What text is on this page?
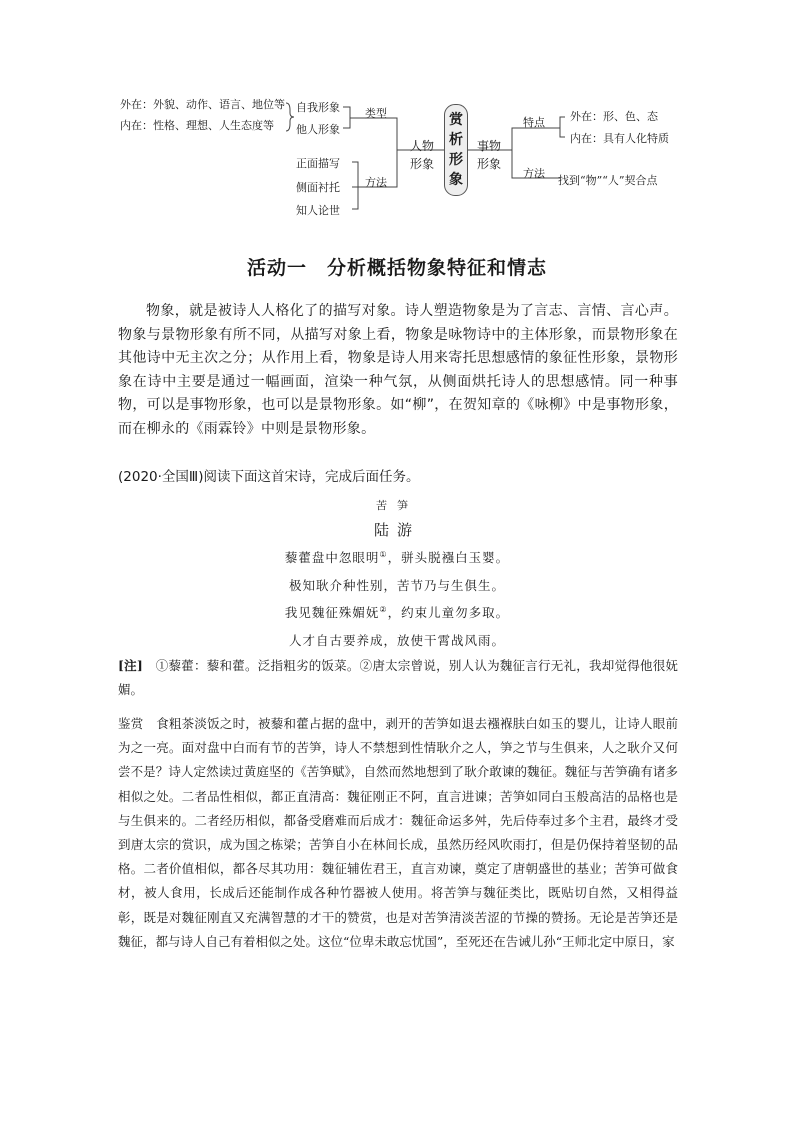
外在：外貌、动作、语言、地位等
内在：性格、理想、人生态度等
自我形象
他人形象
类型
正面描写
侧面衬托
知人论世
方法
人物
形象
赏
析
形
象
事物
形象
特点 外在：形、色、态
内在：具有人化特质
方法
找到“物”“人”契合点
活动一　分析概括物象特征和情志
物象，就是被诗人人格化了的描写对象。诗人塑造物象是为了言志、言情、言心声。物象与景物形象有所不同，从描写对象上看，物象是咏物诗中的主体形象，而景物形象在其他诗中无主次之分；从作用上看，物象是诗人用来寄托思想感情的象征性形象，景物形象在诗中主要是通过一幅画面，渲染一种气氛，从侧面烘托诗人的思想感情。同一种事物，可以是事物形象，也可以是景物形象。如“柳”，在贺知章的《咏柳》中是事物形象，而在柳永的《雨霖铃》中则是景物形象。
(2020·全国Ⅲ)阅读下面这首宋诗，完成后面任务。
苦笋
陆游
藜藿盘中忽眼明①，骈头脱襁白玉婴。
极知耿介种性别，苦节乃与生俱生。
我见魏征殊媚妩②，约束儿童勿多取。
人才自古要养成，放使干霄战风雨。
[注]　 ①藜藿：藜和藿。泛指粗劣的饭菜。②唐太宗曾说，别人认为魏征言行无礼，我却觉得他很妩媚。
鉴赏　 食粗茶淡饭之时，被藜和藿占据的盘中，剥开的苦笋如退去襁褓肤白如玉的婴儿，让诗人眼前为之一亮。面对盘中白而有节的苦笋，诗人不禁想到性情耿介之人，笋之节与生俱来，人之耿介又何尝不是？诗人定然读过黄庭坚的《苦笋赋》，自然而然地想到了耿介敢谏的魏征。魏征与苦笋确有诸多相似之处。二者品性相似，都正直清高：魏征刚正不阿，直言进谏；苦笋如同白玉般高洁的品格也是与生俱来的。二者经历相似，都备受磨难而后成才：魏征命运多舛，先后侍奉过多个主君，最终才受到唐太宗的赏识，成为国之栋梁；苦笋自小在林间长成，虽然历经风吹雨打，但是仍保持着坚韧的品格。二者价值相似，都各尽其功用：魏征辅佐君王，直言劝谏，奠定了唐朝盛世的基业；苦笋可做食材，被人食用，长成后还能制作成各种竹器被人使用。将苦笋与魏征类比，既贴切自然，又相得益彰，既是对魏征刚直又充满智慧的才干的赞赏，也是对苦笋清淡苦涩的节操的赞扬。无论是苦笋还是魏征，都与诗人自己有着相似之处。这位“位卑未敢忘忧国”，至死还在告诫儿孙“王师北定中原日，家
